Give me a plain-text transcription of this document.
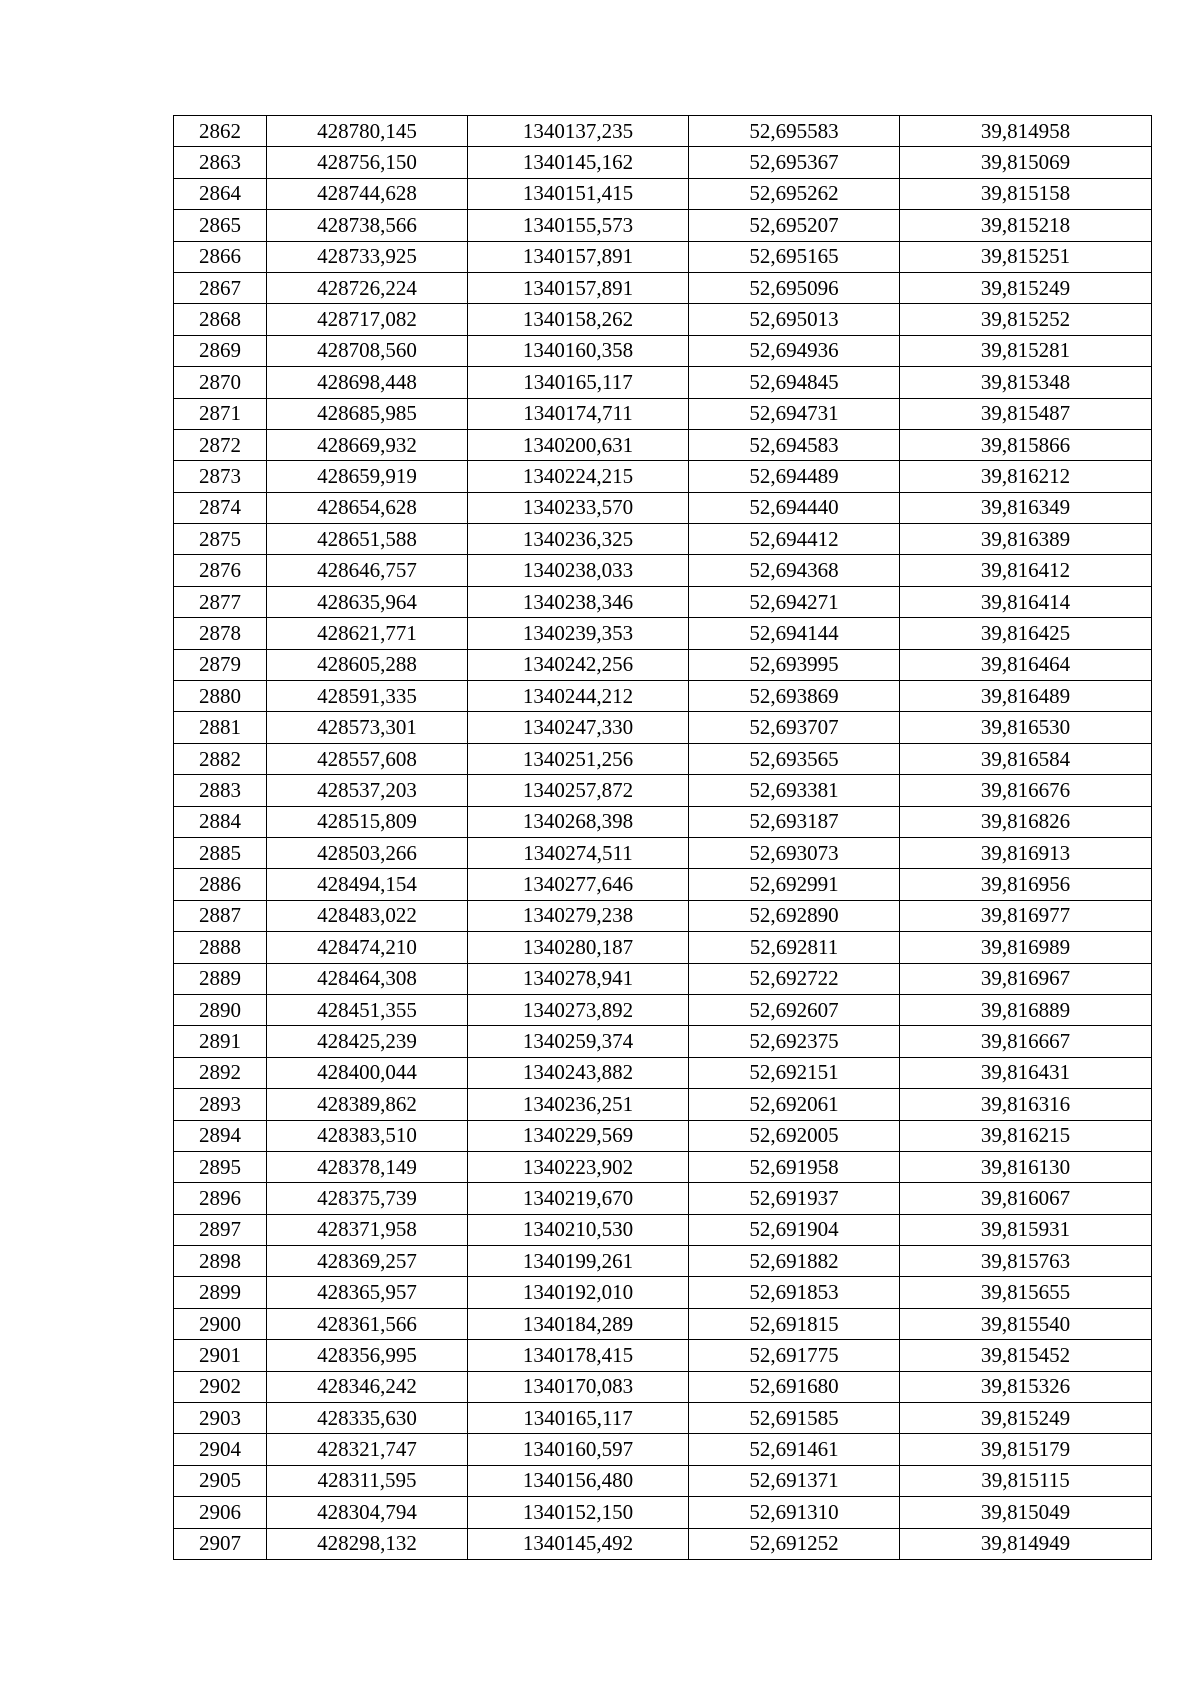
2862	428780,145	1340137,235	52,695583	39,814958
2863	428756,150	1340145,162	52,695367	39,815069
2864	428744,628	1340151,415	52,695262	39,815158
2865	428738,566	1340155,573	52,695207	39,815218
2866	428733,925	1340157,891	52,695165	39,815251
2867	428726,224	1340157,891	52,695096	39,815249
2868	428717,082	1340158,262	52,695013	39,815252
2869	428708,560	1340160,358	52,694936	39,815281
2870	428698,448	1340165,117	52,694845	39,815348
2871	428685,985	1340174,711	52,694731	39,815487
2872	428669,932	1340200,631	52,694583	39,815866
2873	428659,919	1340224,215	52,694489	39,816212
2874	428654,628	1340233,570	52,694440	39,816349
2875	428651,588	1340236,325	52,694412	39,816389
2876	428646,757	1340238,033	52,694368	39,816412
2877	428635,964	1340238,346	52,694271	39,816414
2878	428621,771	1340239,353	52,694144	39,816425
2879	428605,288	1340242,256	52,693995	39,816464
2880	428591,335	1340244,212	52,693869	39,816489
2881	428573,301	1340247,330	52,693707	39,816530
2882	428557,608	1340251,256	52,693565	39,816584
2883	428537,203	1340257,872	52,693381	39,816676
2884	428515,809	1340268,398	52,693187	39,816826
2885	428503,266	1340274,511	52,693073	39,816913
2886	428494,154	1340277,646	52,692991	39,816956
2887	428483,022	1340279,238	52,692890	39,816977
2888	428474,210	1340280,187	52,692811	39,816989
2889	428464,308	1340278,941	52,692722	39,816967
2890	428451,355	1340273,892	52,692607	39,816889
2891	428425,239	1340259,374	52,692375	39,816667
2892	428400,044	1340243,882	52,692151	39,816431
2893	428389,862	1340236,251	52,692061	39,816316
2894	428383,510	1340229,569	52,692005	39,816215
2895	428378,149	1340223,902	52,691958	39,816130
2896	428375,739	1340219,670	52,691937	39,816067
2897	428371,958	1340210,530	52,691904	39,815931
2898	428369,257	1340199,261	52,691882	39,815763
2899	428365,957	1340192,010	52,691853	39,815655
2900	428361,566	1340184,289	52,691815	39,815540
2901	428356,995	1340178,415	52,691775	39,815452
2902	428346,242	1340170,083	52,691680	39,815326
2903	428335,630	1340165,117	52,691585	39,815249
2904	428321,747	1340160,597	52,691461	39,815179
2905	428311,595	1340156,480	52,691371	39,815115
2906	428304,794	1340152,150	52,691310	39,815049
2907	428298,132	1340145,492	52,691252	39,814949
